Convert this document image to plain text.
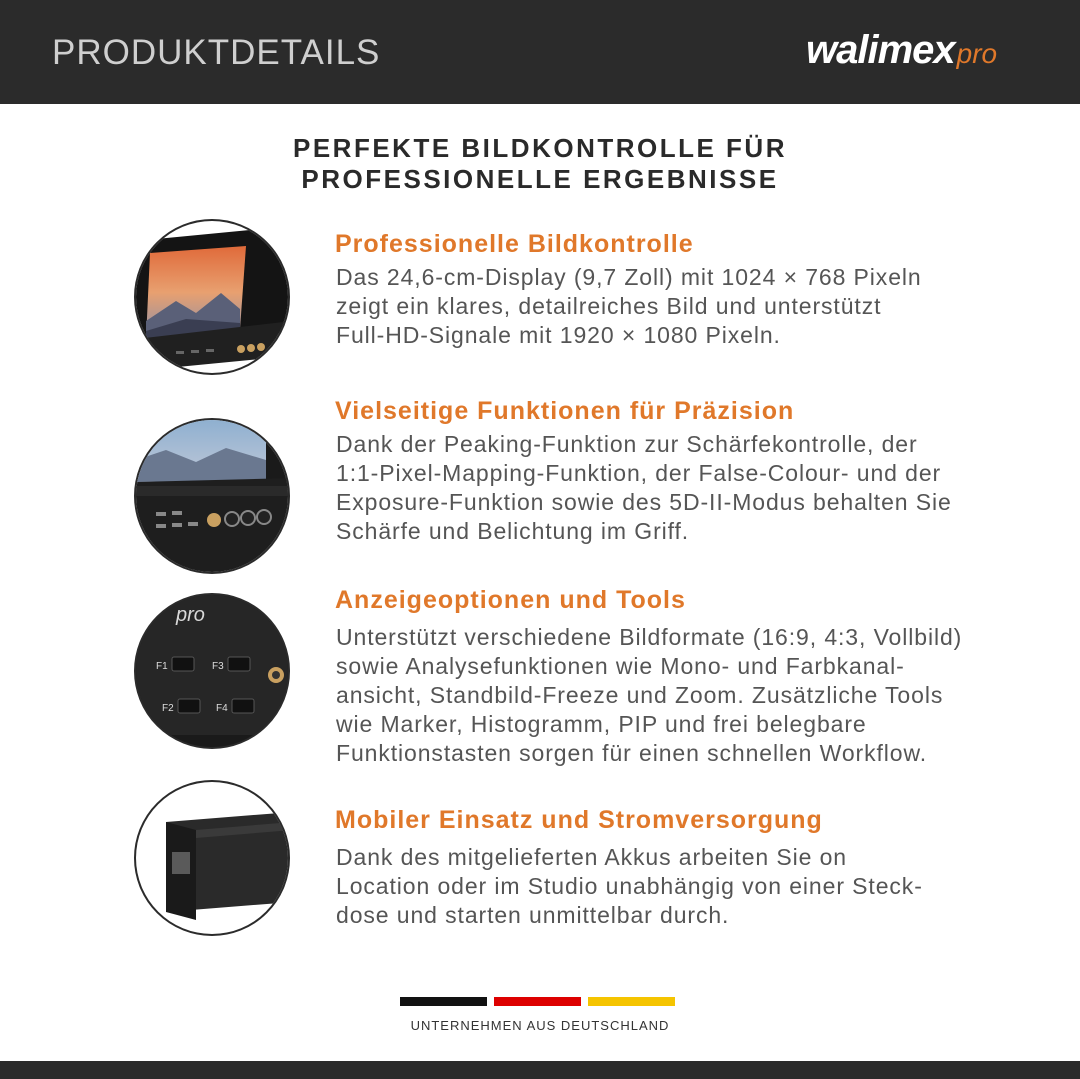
PRODUKTDETAILS	walimexpro
PERFEKTE BILDKONTROLLE FÜR
PROFESSIONELLE ERGEBNISSE
Professionelle Bildkontrolle
Das 24,6-cm-Display (9,7 Zoll) mit 1024 × 768 Pixeln
zeigt ein klares, detailreiches Bild und unterstützt
Full-HD-Signale mit 1920 × 1080 Pixeln.
Vielseitige Funktionen für Präzision
Dank der Peaking-Funktion zur Schärfekontrolle, der
1:1-Pixel-Mapping-Funktion, der False-Colour- und der
Exposure-Funktion sowie des 5D-II-Modus behalten Sie
Schärfe und Belichtung im Griff.
pro
F1	F3
F2	F4
Anzeigeoptionen und Tools
Unterstützt verschiedene Bildformate (16:9, 4:3, Vollbild)
sowie Analysefunktionen wie Mono- und Farbkanal-
ansicht, Standbild-Freeze und Zoom. Zusätzliche Tools
wie Marker, Histogramm, PIP und frei belegbare
Funktionstasten sorgen für einen schnellen Workflow.
Mobiler Einsatz und Stromversorgung
Dank des mitgelieferten Akkus arbeiten Sie on
Location oder im Studio unabhängig von einer Steck-
dose und starten unmittelbar durch.
UNTERNEHMEN AUS DEUTSCHLAND
